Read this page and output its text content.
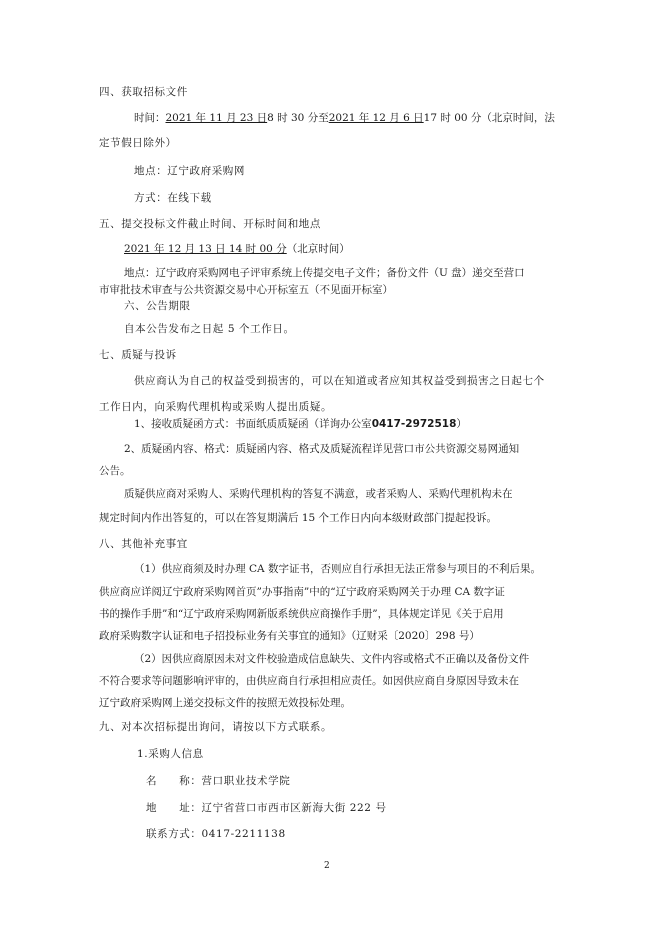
四、获取招标文件
时间：2021 年 11 月 23 日8 时 30 分至2021 年 12 月 6 日17 时 00 分（北京时间，法
定节假日除外）
地点：辽宁政府采购网
方式：在线下载
五、提交投标文件截止时间、开标时间和地点
2021 年 12 月 13 日 14 时 00 分（北京时间）
地点：辽宁政府采购网电子评审系统上传提交电子文件；备份文件（U 盘）递交至营口
市审批技术审查与公共资源交易中心开标室五（不见面开标室）
六、公告期限
自本公告发布之日起 5 个工作日。
七、质疑与投诉
供应商认为自己的权益受到损害的，可以在知道或者应知其权益受到损害之日起七个
工作日内，向采购代理机构或采购人提出质疑。
1、接收质疑函方式：书面纸质质疑函（详询办公室0417-2972518）
2、质疑函内容、格式：质疑函内容、格式及质疑流程详见营口市公共资源交易网通知
公告。
质疑供应商对采购人、采购代理机构的答复不满意，或者采购人、采购代理机构未在
规定时间内作出答复的，可以在答复期满后 15 个工作日内向本级财政部门提起投诉。
八、其他补充事宜
（1）供应商须及时办理 CA 数字证书，否则应自行承担无法正常参与项目的不利后果。
供应商应详阅辽宁政府采购网首页”办事指南”中的“辽宁政府采购网关于办理 CA 数字证
书的操作手册”和“辽宁政府采购网新版系统供应商操作手册”，具体规定详见《关于启用
政府采购数字认证和电子招投标业务有关事宜的通知》（辽财采〔2020〕298 号）
（2）因供应商原因未对文件校验造成信息缺失、文件内容或格式不正确以及备份文件
不符合要求等问题影响评审的，由供应商自行承担相应责任。如因供应商自身原因导致未在
辽宁政府采购网上递交投标文件的按照无效投标处理。
九、对本次招标提出询问，请按以下方式联系。
1.采购人信息
名　　称：营口职业技术学院
地　　址：辽宁省营口市西市区新海大街 222 号
联系方式：0417-2211138
2
